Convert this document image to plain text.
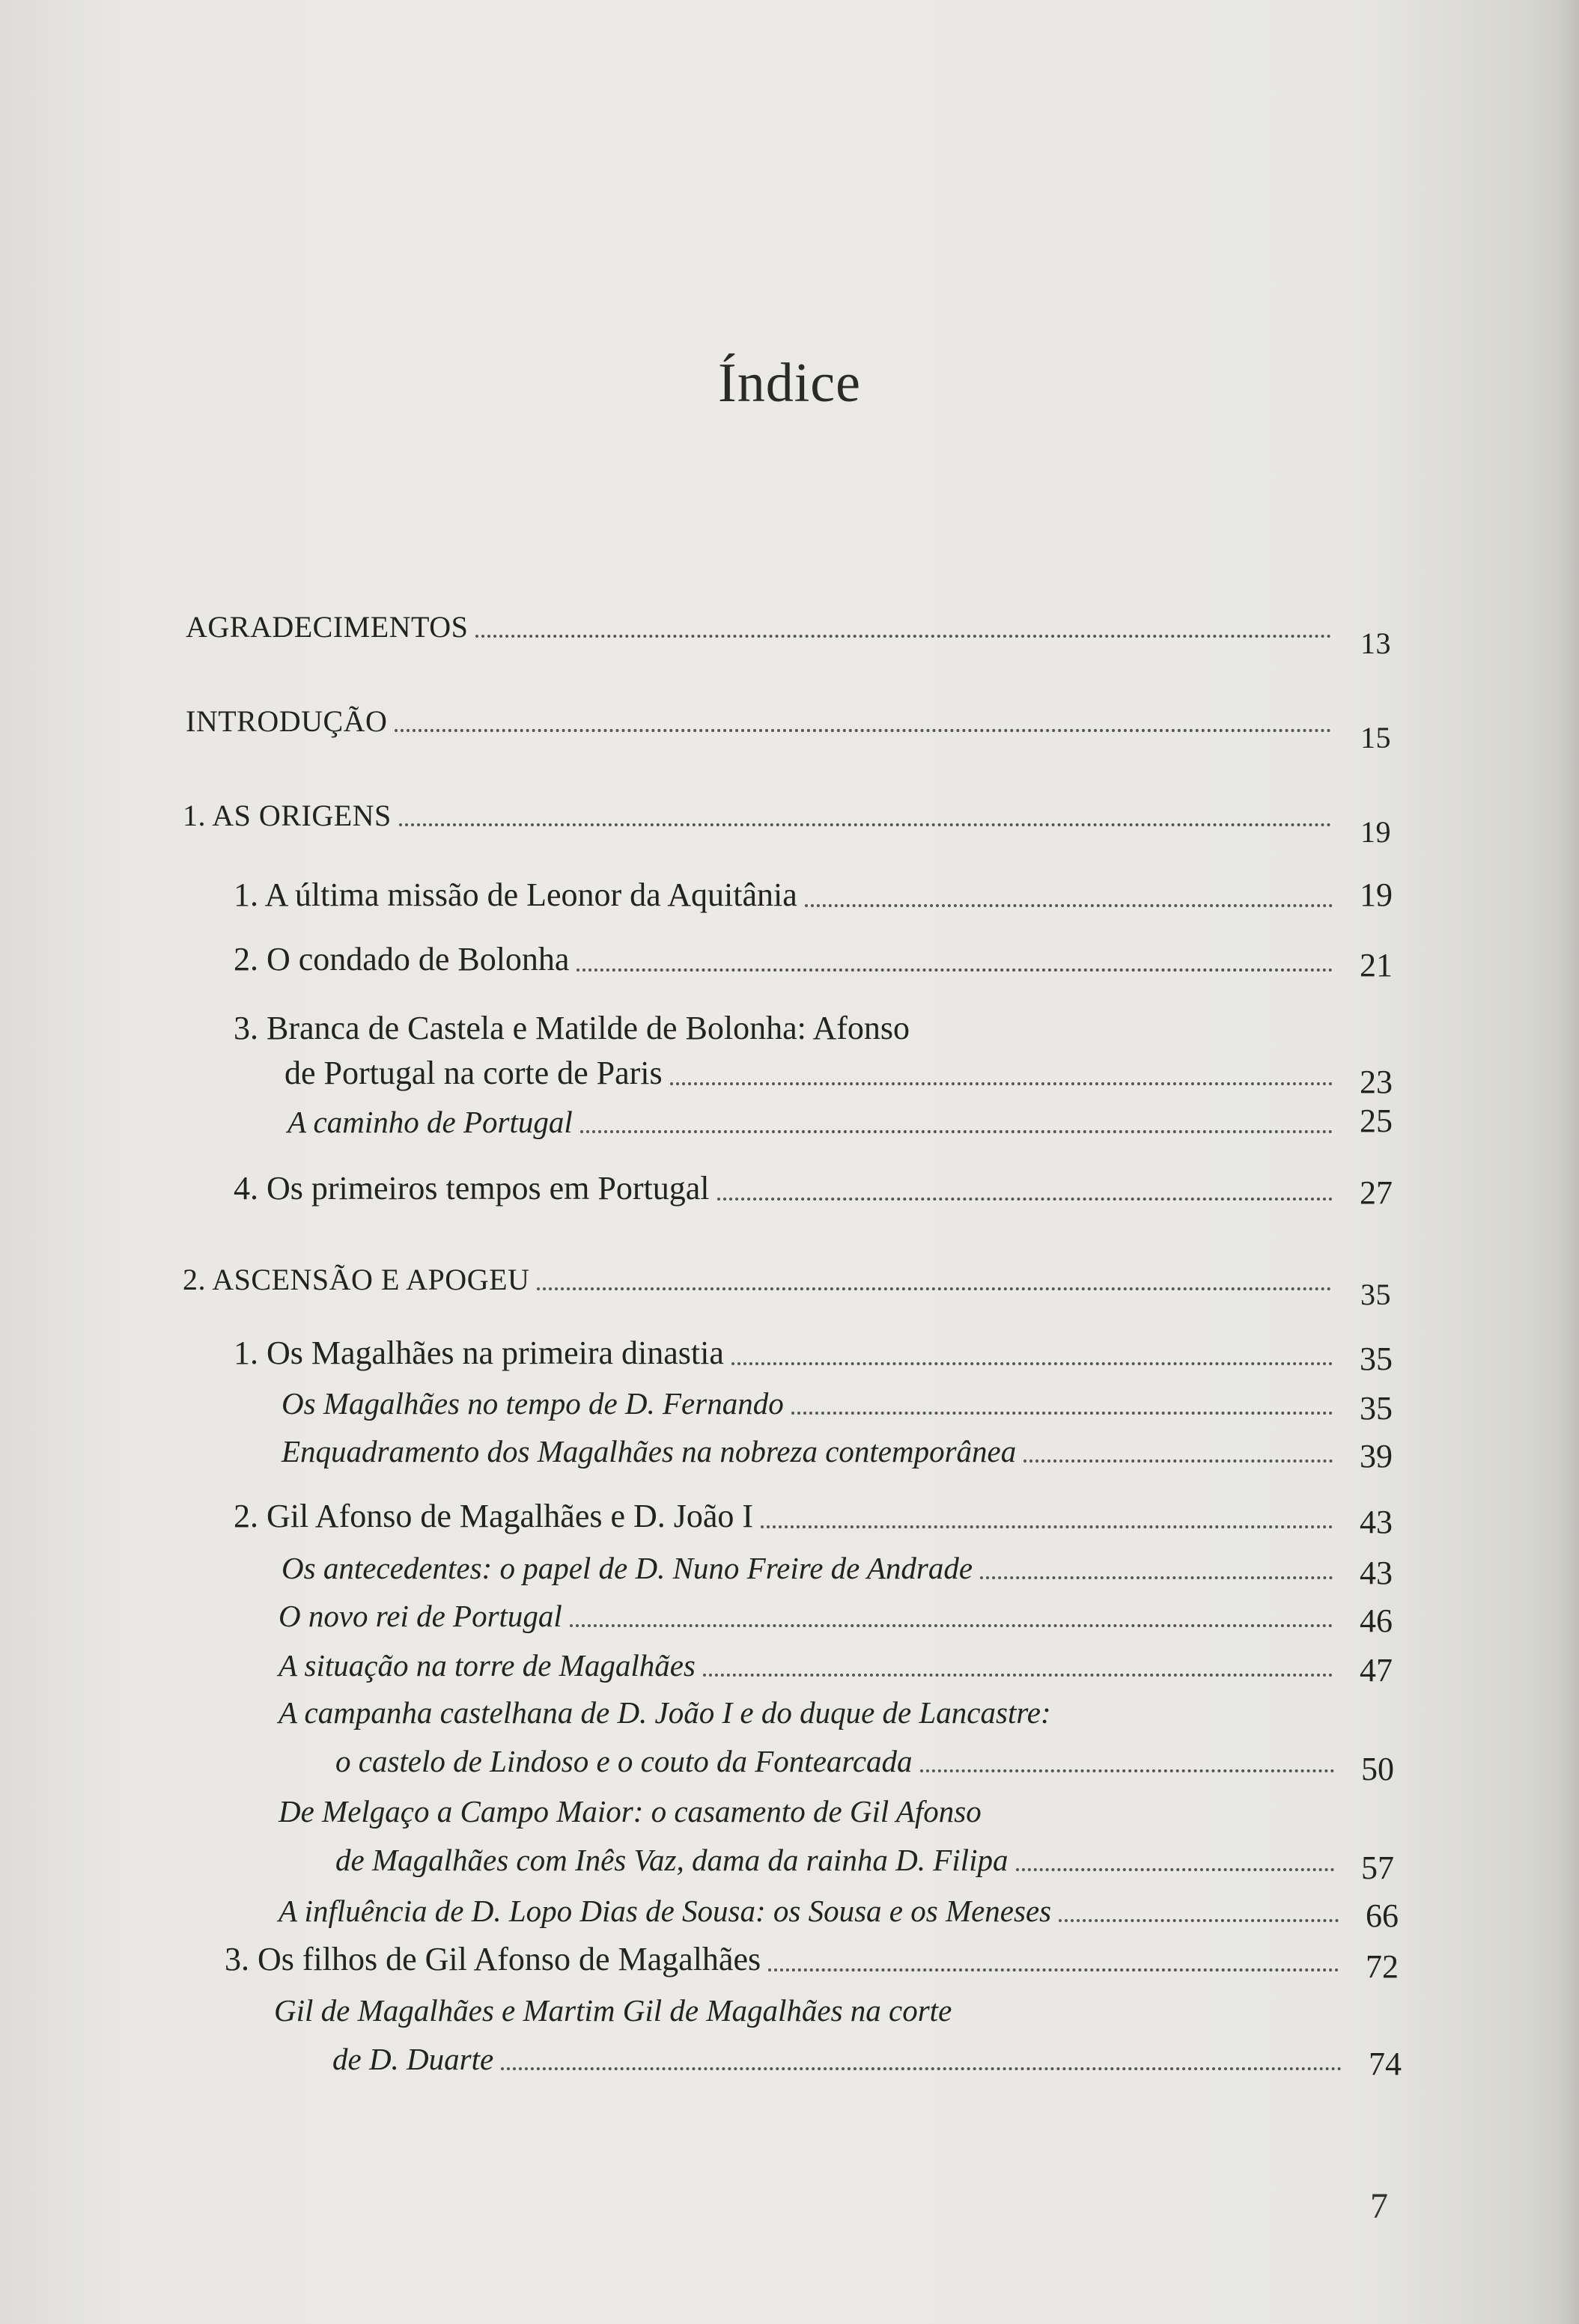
Índice
AGRADECIMENTOS	13
INTRODUÇÃO	15
1. AS ORIGENS	19
1. A última missão de Leonor da Aquitânia	19
2. O condado de Bolonha	21
3. Branca de Castela e Matilde de Bolonha: Afonso
de Portugal na corte de Paris	23
A caminho de Portugal	25
4. Os primeiros tempos em Portugal	27
2. ASCENSÃO E APOGEU	35
1. Os Magalhães na primeira dinastia	35
Os Magalhães no tempo de D. Fernando	35
Enquadramento dos Magalhães na nobreza contemporânea	39
2. Gil Afonso de Magalhães e D. João I	43
Os antecedentes: o papel de D. Nuno Freire de Andrade	43
O novo rei de Portugal	46
A situação na torre de Magalhães	47
A campanha castelhana de D. João I e do duque de Lancastre:
o castelo de Lindoso e o couto da Fontearcada	50
De Melgaço a Campo Maior: o casamento de Gil Afonso
de Magalhães com Inês Vaz, dama da rainha D. Filipa	57
A influência de D. Lopo Dias de Sousa: os Sousa e os Meneses	66
3. Os filhos de Gil Afonso de Magalhães	72
Gil de Magalhães e Martim Gil de Magalhães na corte
de D. Duarte	74
7
